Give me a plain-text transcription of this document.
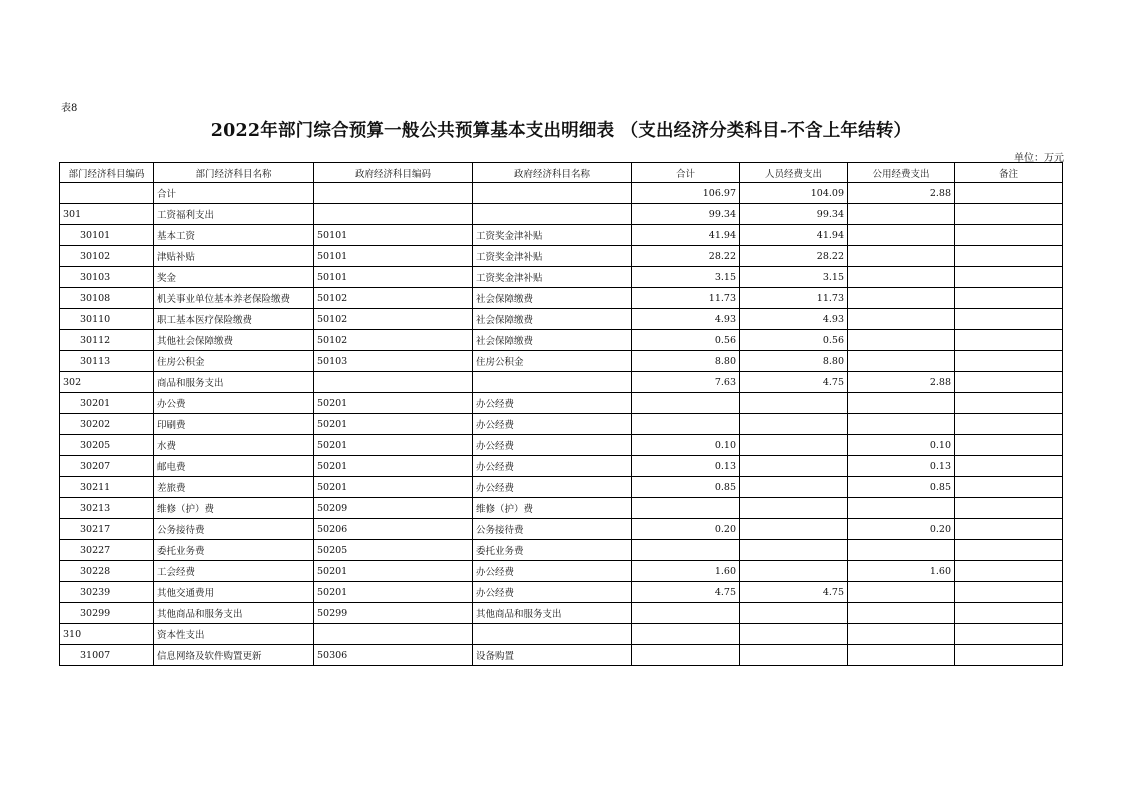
表8
2022年部门综合预算一般公共预算基本支出明细表 （支出经济分类科目-不含上年结转）
单位：万元
部门经济科目编码	部门经济科目名称	政府经济科目编码	政府经济科目名称	合计	人员经费支出	公用经费支出	备注
	合计			106.97	104.09	2.88	
301	工资福利支出			99.34	99.34		
30101	基本工资	50101	工资奖金津补贴	41.94	41.94		
30102	津贴补贴	50101	工资奖金津补贴	28.22	28.22		
30103	奖金	50101	工资奖金津补贴	3.15	3.15		
30108	机关事业单位基本养老保险缴费	50102	社会保障缴费	11.73	11.73		
30110	职工基本医疗保险缴费	50102	社会保障缴费	4.93	4.93		
30112	其他社会保障缴费	50102	社会保障缴费	0.56	0.56		
30113	住房公积金	50103	住房公积金	8.80	8.80		
302	商品和服务支出			7.63	4.75	2.88	
30201	办公费	50201	办公经费				
30202	印刷费	50201	办公经费				
30205	水费	50201	办公经费	0.10		0.10	
30207	邮电费	50201	办公经费	0.13		0.13	
30211	差旅费	50201	办公经费	0.85		0.85	
30213	维修（护）费	50209	维修（护）费				
30217	公务接待费	50206	公务接待费	0.20		0.20	
30227	委托业务费	50205	委托业务费				
30228	工会经费	50201	办公经费	1.60		1.60	
30239	其他交通费用	50201	办公经费	4.75	4.75		
30299	其他商品和服务支出	50299	其他商品和服务支出				
310	资本性支出						
31007	信息网络及软件购置更新	50306	设备购置				
